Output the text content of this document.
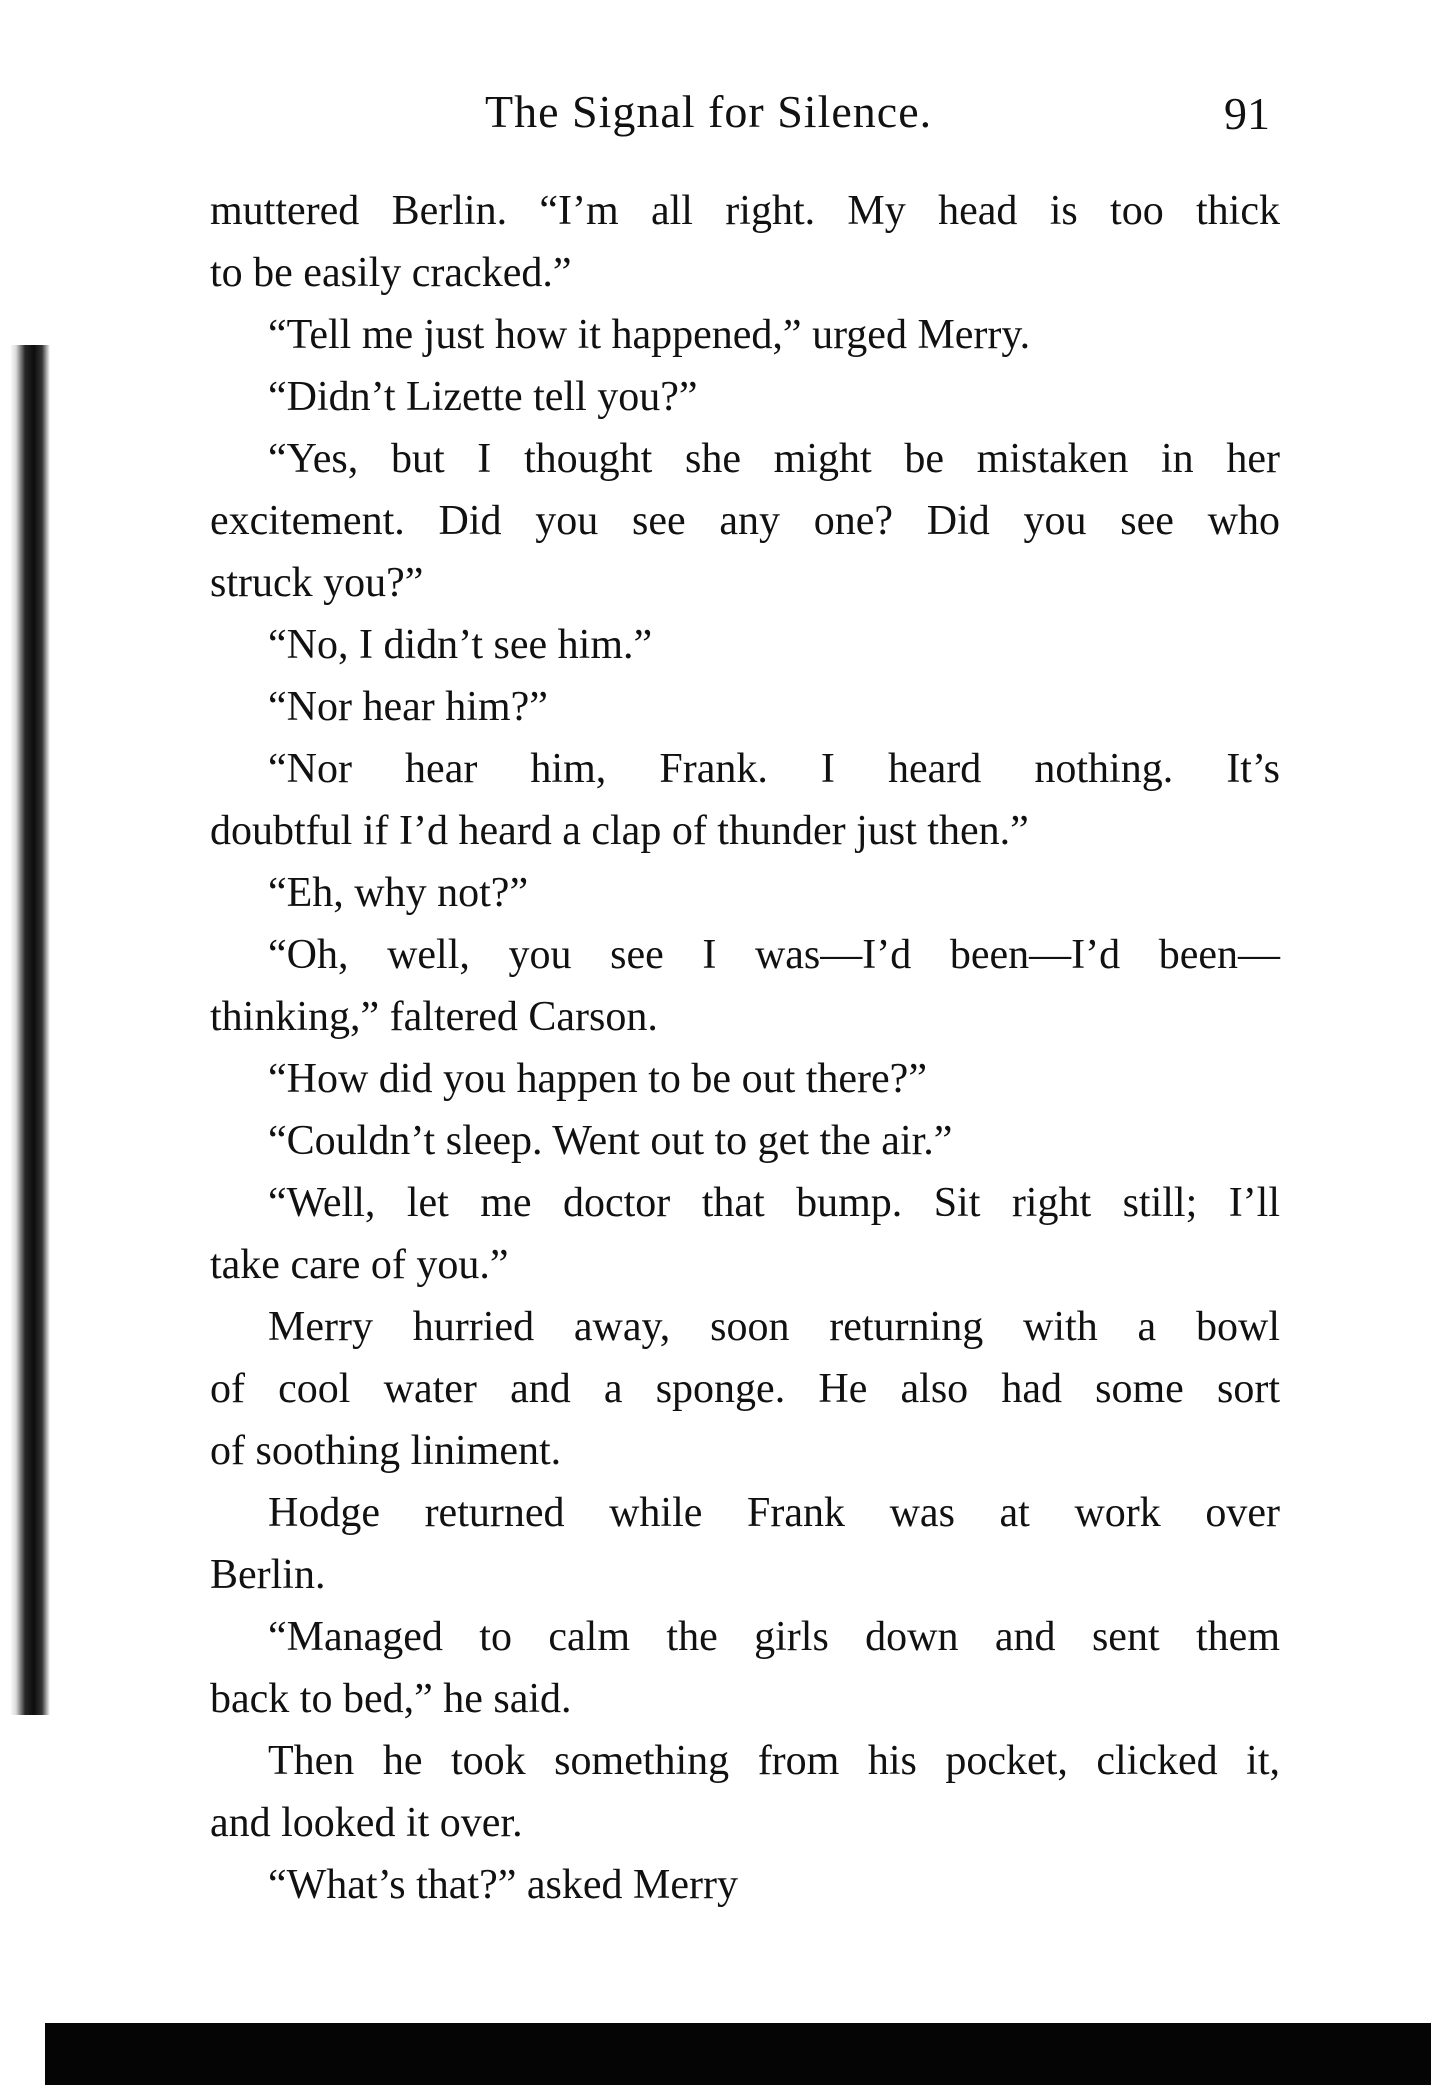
The Signal for Silence.	91
muttered Berlin. “I’m all right. My head is too thick
to be easily cracked.”
“Tell me just how it happened,” urged Merry.
“Didn’t Lizette tell you?”
“Yes, but I thought she might be mistaken in her
excitement. Did you see any one? Did you see who
struck you?”
“No, I didn’t see him.”
“Nor hear him?”
“Nor hear him, Frank. I heard nothing. It’s
doubtful if I’d heard a clap of thunder just then.”
“Eh, why not?”
“Oh, well, you see I was—I’d been—I’d been—
thinking,” faltered Carson.
“How did you happen to be out there?”
“Couldn’t sleep. Went out to get the air.”
“Well, let me doctor that bump. Sit right still; I’ll
take care of you.”
Merry hurried away, soon returning with a bowl
of cool water and a sponge. He also had some sort
of soothing liniment.
Hodge returned while Frank was at work over
Berlin.
“Managed to calm the girls down and sent them
back to bed,” he said.
Then he took something from his pocket, clicked it,
and looked it over.
“What’s that?” asked Merry
